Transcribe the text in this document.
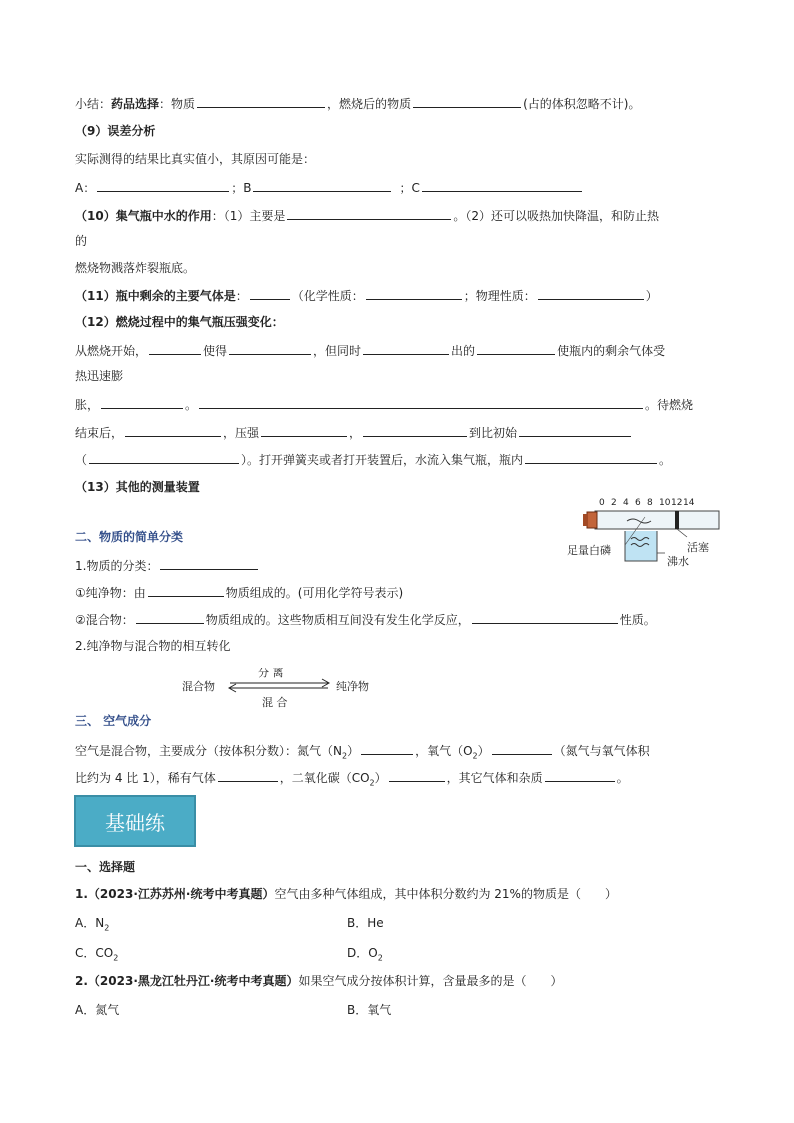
小结：药品选择：物质	，燃烧后的物质	(占的体积忽略不计)。
（9）误差分析
实际测得的结果比真实值小，其原因可能是：
A：	；B	；C
（10）集气瓶中水的作用：（1）主要是	。（2）还可以吸热加快降温，和防止热
的
燃烧物溅落炸裂瓶底。
（11）瓶中剩余的主要气体是：	（化学性质：	；物理性质：	）
（12）燃烧过程中的集气瓶压强变化：
从燃烧开始，	使得	，但同时	出的	使瓶内的剩余气体受
热迅速膨
胀，	。	。待燃烧
结束后，	，压强	，	到比初始
（	）。打开弹簧夹或者打开装置后，水流入集气瓶，瓶内	。
（13）其他的测量装置
0 2 4 6 8 10 12 14
足量白磷
沸水
活塞
二、物质的简单分类
1.物质的分类：
①纯净物：由	物质组成的。(可用化学符号表示)
②混合物：	物质组成的。这些物质相互间没有发生化学反应，	性质。
2.纯净物与混合物的相互转化
混合物	纯净物
分 离
混 合
三、 空气成分
空气是混合物，主要成分（按体积分数）：氮气$(N_2)$	，氧气$(O_2)$	（氮气与氧气体积
比约为 4 比 1），稀有气体	，二氧化碳$(CO_2)$	，其它气体和杂质	。
基础练
一、选择题
1.（2023·江苏苏州·统考中考真题）空气由多种气体组成，其中体积分数约为 21%的物质是（　　）
A．$N_2$	B．He
C．$CO_2$	D．$O_2$
2.（2023·黑龙江牡丹江·统考中考真题）如果空气成分按体积计算，含量最多的是（　　）
A．氮气	B．氧气
